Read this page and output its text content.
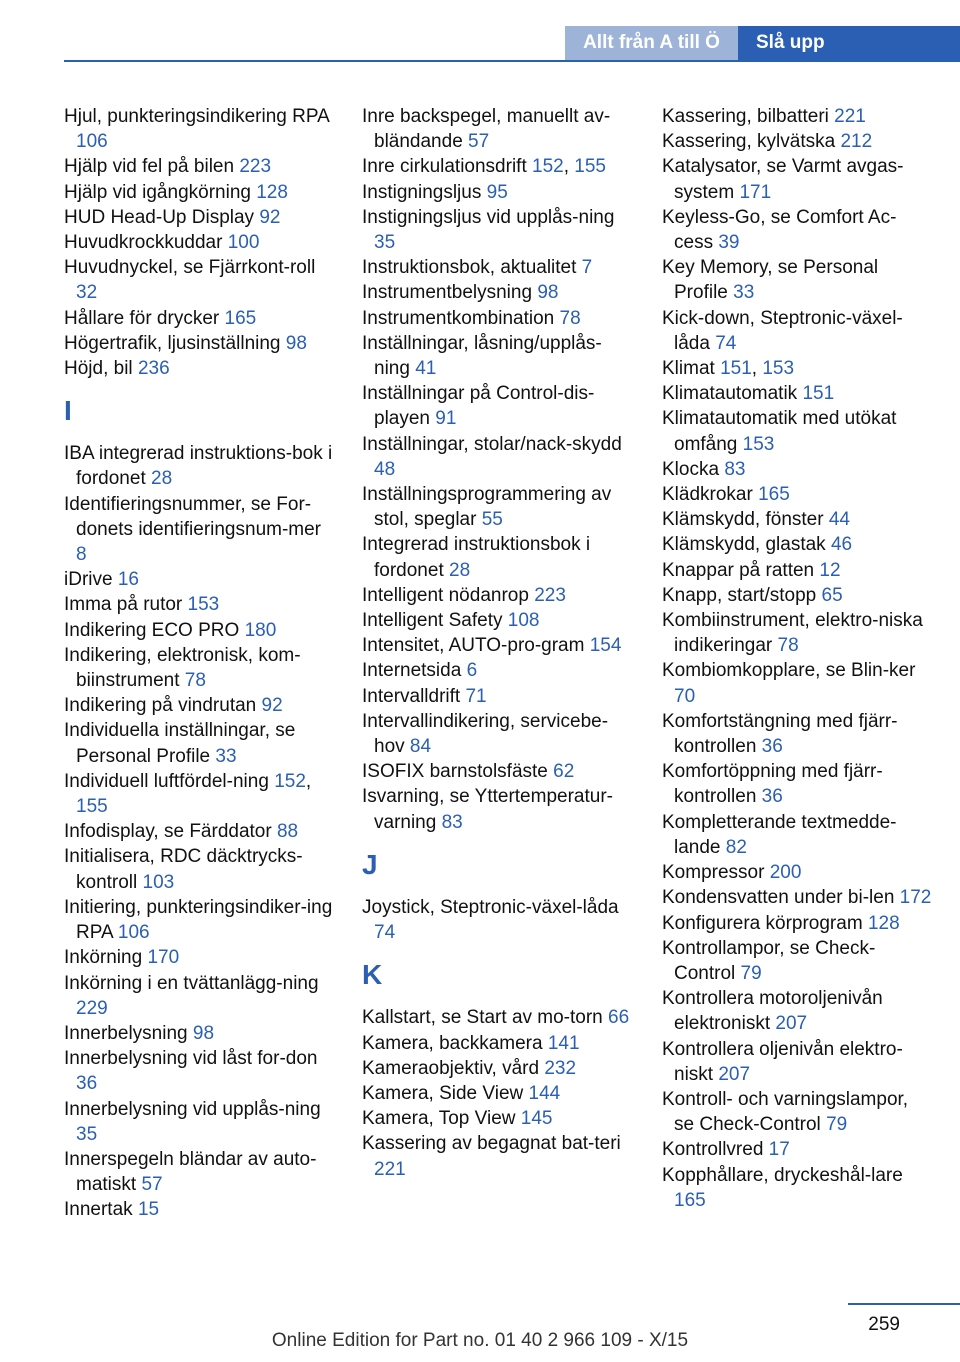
Allt från A till Ö	Slå upp
Hjul, punkteringsindikering RPA 106
Hjälp vid fel på bilen 223
Hjälp vid igångkörning 128
HUD Head-Up Display 92
Huvudkrockkuddar 100
Huvudnyckel, se Fjärrkont-roll 32
Hållare för drycker 165
Högertrafik, ljusinställning 98
Höjd, bil 236
I
IBA integrerad instruktions-bok i fordonet 28
Identifieringsnummer, se For-donets identifieringsnum-mer 8
iDrive 16
Imma på rutor 153
Indikering ECO PRO 180
Indikering, elektronisk, kom-biinstrument 78
Indikering på vindrutan 92
Individuella inställningar, se Personal Profile 33
Individuell luftfördel-ning 152, 155
Infodisplay, se Färddator 88
Initialisera, RDC däcktrycks-kontroll 103
Initiering, punkteringsindiker-ing RPA 106
Inkörning 170
Inkörning i en tvättanlägg-ning 229
Innerbelysning 98
Innerbelysning vid låst for-don 36
Innerbelysning vid upplås-ning 35
Innerspegeln bländar av auto-matiskt 57
Innertak 15
Inre backspegel, manuellt av-bländande 57
Inre cirkulationsdrift 152, 155
Instigningsljus 95
Instigningsljus vid upplås-ning 35
Instruktionsbok, aktualitet 7
Instrumentbelysning 98
Instrumentkombination 78
Inställningar, låsning/upplås-ning 41
Inställningar på Control-dis-playen 91
Inställningar, stolar/nack-skydd 48
Inställningsprogrammering av stol, speglar 55
Integrerad instruktionsbok i fordonet 28
Intelligent nödanrop 223
Intelligent Safety 108
Intensitet, AUTO-pro-gram 154
Internetsida 6
Intervalldrift 71
Intervallindikering, servicebe-hov 84
ISOFIX barnstolsfäste 62
Isvarning, se Yttertemperatur-varning 83
J
Joystick, Steptronic-växel-låda 74
K
Kallstart, se Start av mo-torn 66
Kamera, backkamera 141
Kameraobjektiv, vård 232
Kamera, Side View 144
Kamera, Top View 145
Kassering av begagnat bat-teri 221
Kassering, bilbatteri 221
Kassering, kylvätska 212
Katalysator, se Varmt avgas-system 171
Keyless-Go, se Comfort Ac-cess 39
Key Memory, se Personal Profile 33
Kick-down, Steptronic-växel-låda 74
Klimat 151, 153
Klimatautomatik 151
Klimatautomatik med utökat omfång 153
Klocka 83
Klädkrokar 165
Klämskydd, fönster 44
Klämskydd, glastak 46
Knappar på ratten 12
Knapp, start/stopp 65
Kombiinstrument, elektro-niska indikeringar 78
Kombiomkopplare, se Blin-ker 70
Komfortstängning med fjärr-kontrollen 36
Komfortöppning med fjärr-kontrollen 36
Kompletterande textmedde-lande 82
Kompressor 200
Kondensvatten under bi-len 172
Konfigurera körprogram 128
Kontrollampor, se Check-Control 79
Kontrollera motoroljenivån elektroniskt 207
Kontrollera oljenivån elektro-niskt 207
Kontroll- och varningslampor, se Check-Control 79
Kontrollvred 17
Kopphållare, dryckeshål-lare 165
259
Online Edition for Part no. 01 40 2 966 109 - X/15
